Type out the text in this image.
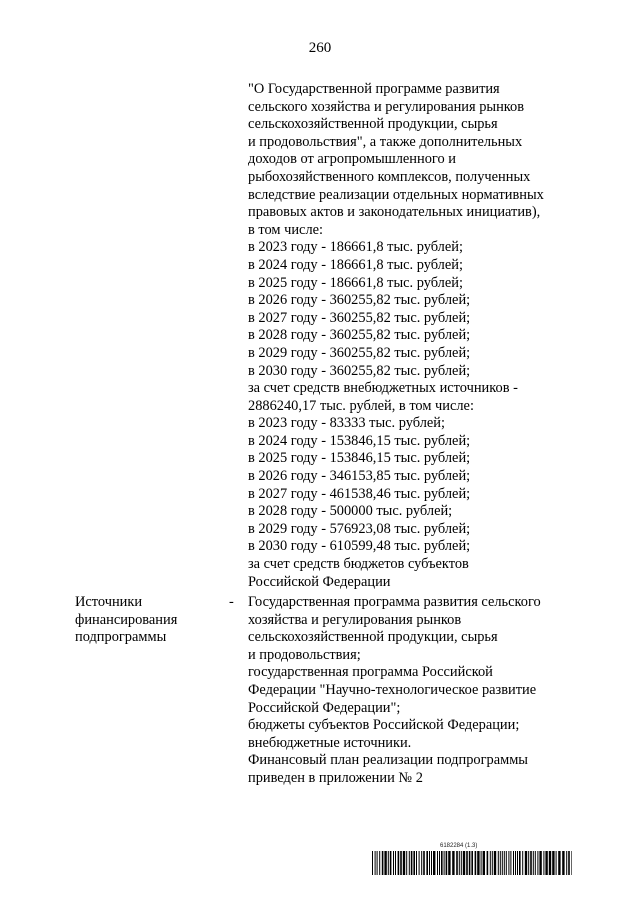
260
"О Государственной программе развития
сельского хозяйства и регулирования рынков
сельскохозяйственной продукции, сырья
и продовольствия", а также дополнительных
доходов от агропромышленного и
рыбохозяйственного комплексов, полученных
вследствие реализации отдельных нормативных
правовых актов и законодательных инициатив),
в том числе:
в 2023 году - 186661,8 тыс. рублей;
в 2024 году - 186661,8 тыс. рублей;
в 2025 году - 186661,8 тыс. рублей;
в 2026 году - 360255,82 тыс. рублей;
в 2027 году - 360255,82 тыс. рублей;
в 2028 году - 360255,82 тыс. рублей;
в 2029 году - 360255,82 тыс. рублей;
в 2030 году - 360255,82 тыс. рублей;
за счет средств внебюджетных источников -
2886240,17 тыс. рублей, в том числе:
в 2023 году - 83333 тыс. рублей;
в 2024 году - 153846,15 тыс. рублей;
в 2025 году - 153846,15 тыс. рублей;
в 2026 году - 346153,85 тыс. рублей;
в 2027 году - 461538,46 тыс. рублей;
в 2028 году - 500000 тыс. рублей;
в 2029 году - 576923,08 тыс. рублей;
в 2030 году - 610599,48 тыс. рублей;
за счет средств бюджетов субъектов
Российской Федерации
Источники
финансирования
подпрограммы
- Государственная программа развития сельского
хозяйства и регулирования рынков
сельскохозяйственной продукции, сырья
и продовольствия;
государственная программа Российской
Федерации "Научно-технологическое развитие
Российской Федерации";
бюджеты субъектов Российской Федерации;
внебюджетные источники.
Финансовый план реализации подпрограммы
приведен в приложении № 2
6182284 (1.3)
